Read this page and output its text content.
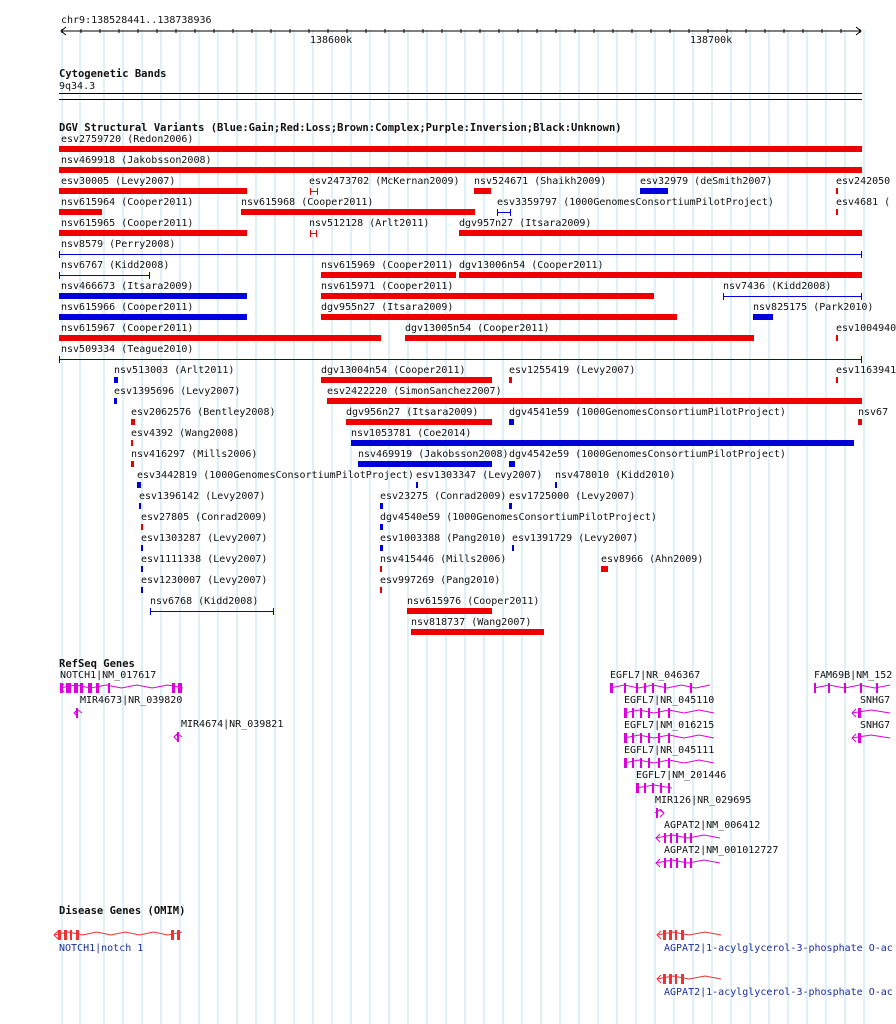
chr9:138528441..138738936
138600k	138700k
Cytogenetic Bands
9q34.3
DGV Structural Variants (Blue:Gain;Red:Loss;Brown:Complex;Purple:Inversion;Black:Unknown)
esv2759720 (Redon2006)
nsv469918 (Jakobsson2008)
esv30005 (Levy2007)	esv2473702 (McKernan2009) nsv524671 (Shaikh2009)	esv32979 (deSmith2007)	esv242050
nsv615964 (Cooper2011)	nsv615968 (Cooper2011)	esv3359797 (1000GenomesConsortiumPilotProject)	esv4681 (
nsv615965 (Cooper2011)	nsv512128 (Arlt2011)	dgv957n27 (Itsara2009)
nsv8579 (Perry2008)
nsv6767 (Kidd2008)	nsv615969 (Cooper2011) dgv13006n54 (Cooper2011)
nsv466673 (Itsara2009)	nsv615971 (Cooper2011)	nsv7436 (Kidd2008)
nsv615966 (Cooper2011)	dgv955n27 (Itsara2009)	nsv825175 (Park2010)
nsv615967 (Cooper2011)	dgv13005n54 (Cooper2011)	esv1004940
nsv509334 (Teague2010)
nsv513003 (Arlt2011)	dgv13004n54 (Cooper2011)	esv1255419 (Levy2007)	esv1163941
esv1395696 (Levy2007)	esv2422220 (SimonSanchez2007)
esv2062576 (Bentley2008)	dgv956n27 (Itsara2009)	dgv4541e59 (1000GenomesConsortiumPilotProject)	nsv67
esv4392 (Wang2008)	nsv1053781 (Coe2014)
nsv416297 (Mills2006)	nsv469919 (Jakobsson2008) dgv4542e59 (1000GenomesConsortiumPilotProject)
esv3442819 (1000GenomesConsortiumPilotProject) esv1303347 (Levy2007) nsv478010 (Kidd2010)
esv1396142 (Levy2007)	esv23275 (Conrad2009) esv1725000 (Levy2007)
esv27805 (Conrad2009)	dgv4540e59 (1000GenomesConsortiumPilotProject)
esv1303287 (Levy2007)	esv1003388 (Pang2010) esv1391729 (Levy2007)
esv1111338 (Levy2007)	nsv415446 (Mills2006)	esv8966 (Ahn2009)
esv1230007 (Levy2007)	esv997269 (Pang2010)
nsv6768 (Kidd2008)	nsv615976 (Cooper2011)
nsv818737 (Wang2007)
RefSeq Genes
NOTCH1|NM_017617
MIR4673|NR_039820
MIR4674|NR_039821
EGFL7|NR_046367
EGFL7|NR_045110
EGFL7|NM_016215
EGFL7|NR_045111
EGFL7|NM_201446
MIR126|NR_029695
AGPAT2|NM_006412
AGPAT2|NM_001012727
FAM69B|NM_152
SNHG7
SNHG7
Disease Genes (OMIM)
NOTCH1|notch 1	AGPAT2|1-acylglycerol-3-phosphate O-ac
AGPAT2|1-acylglycerol-3-phosphate O-ac
